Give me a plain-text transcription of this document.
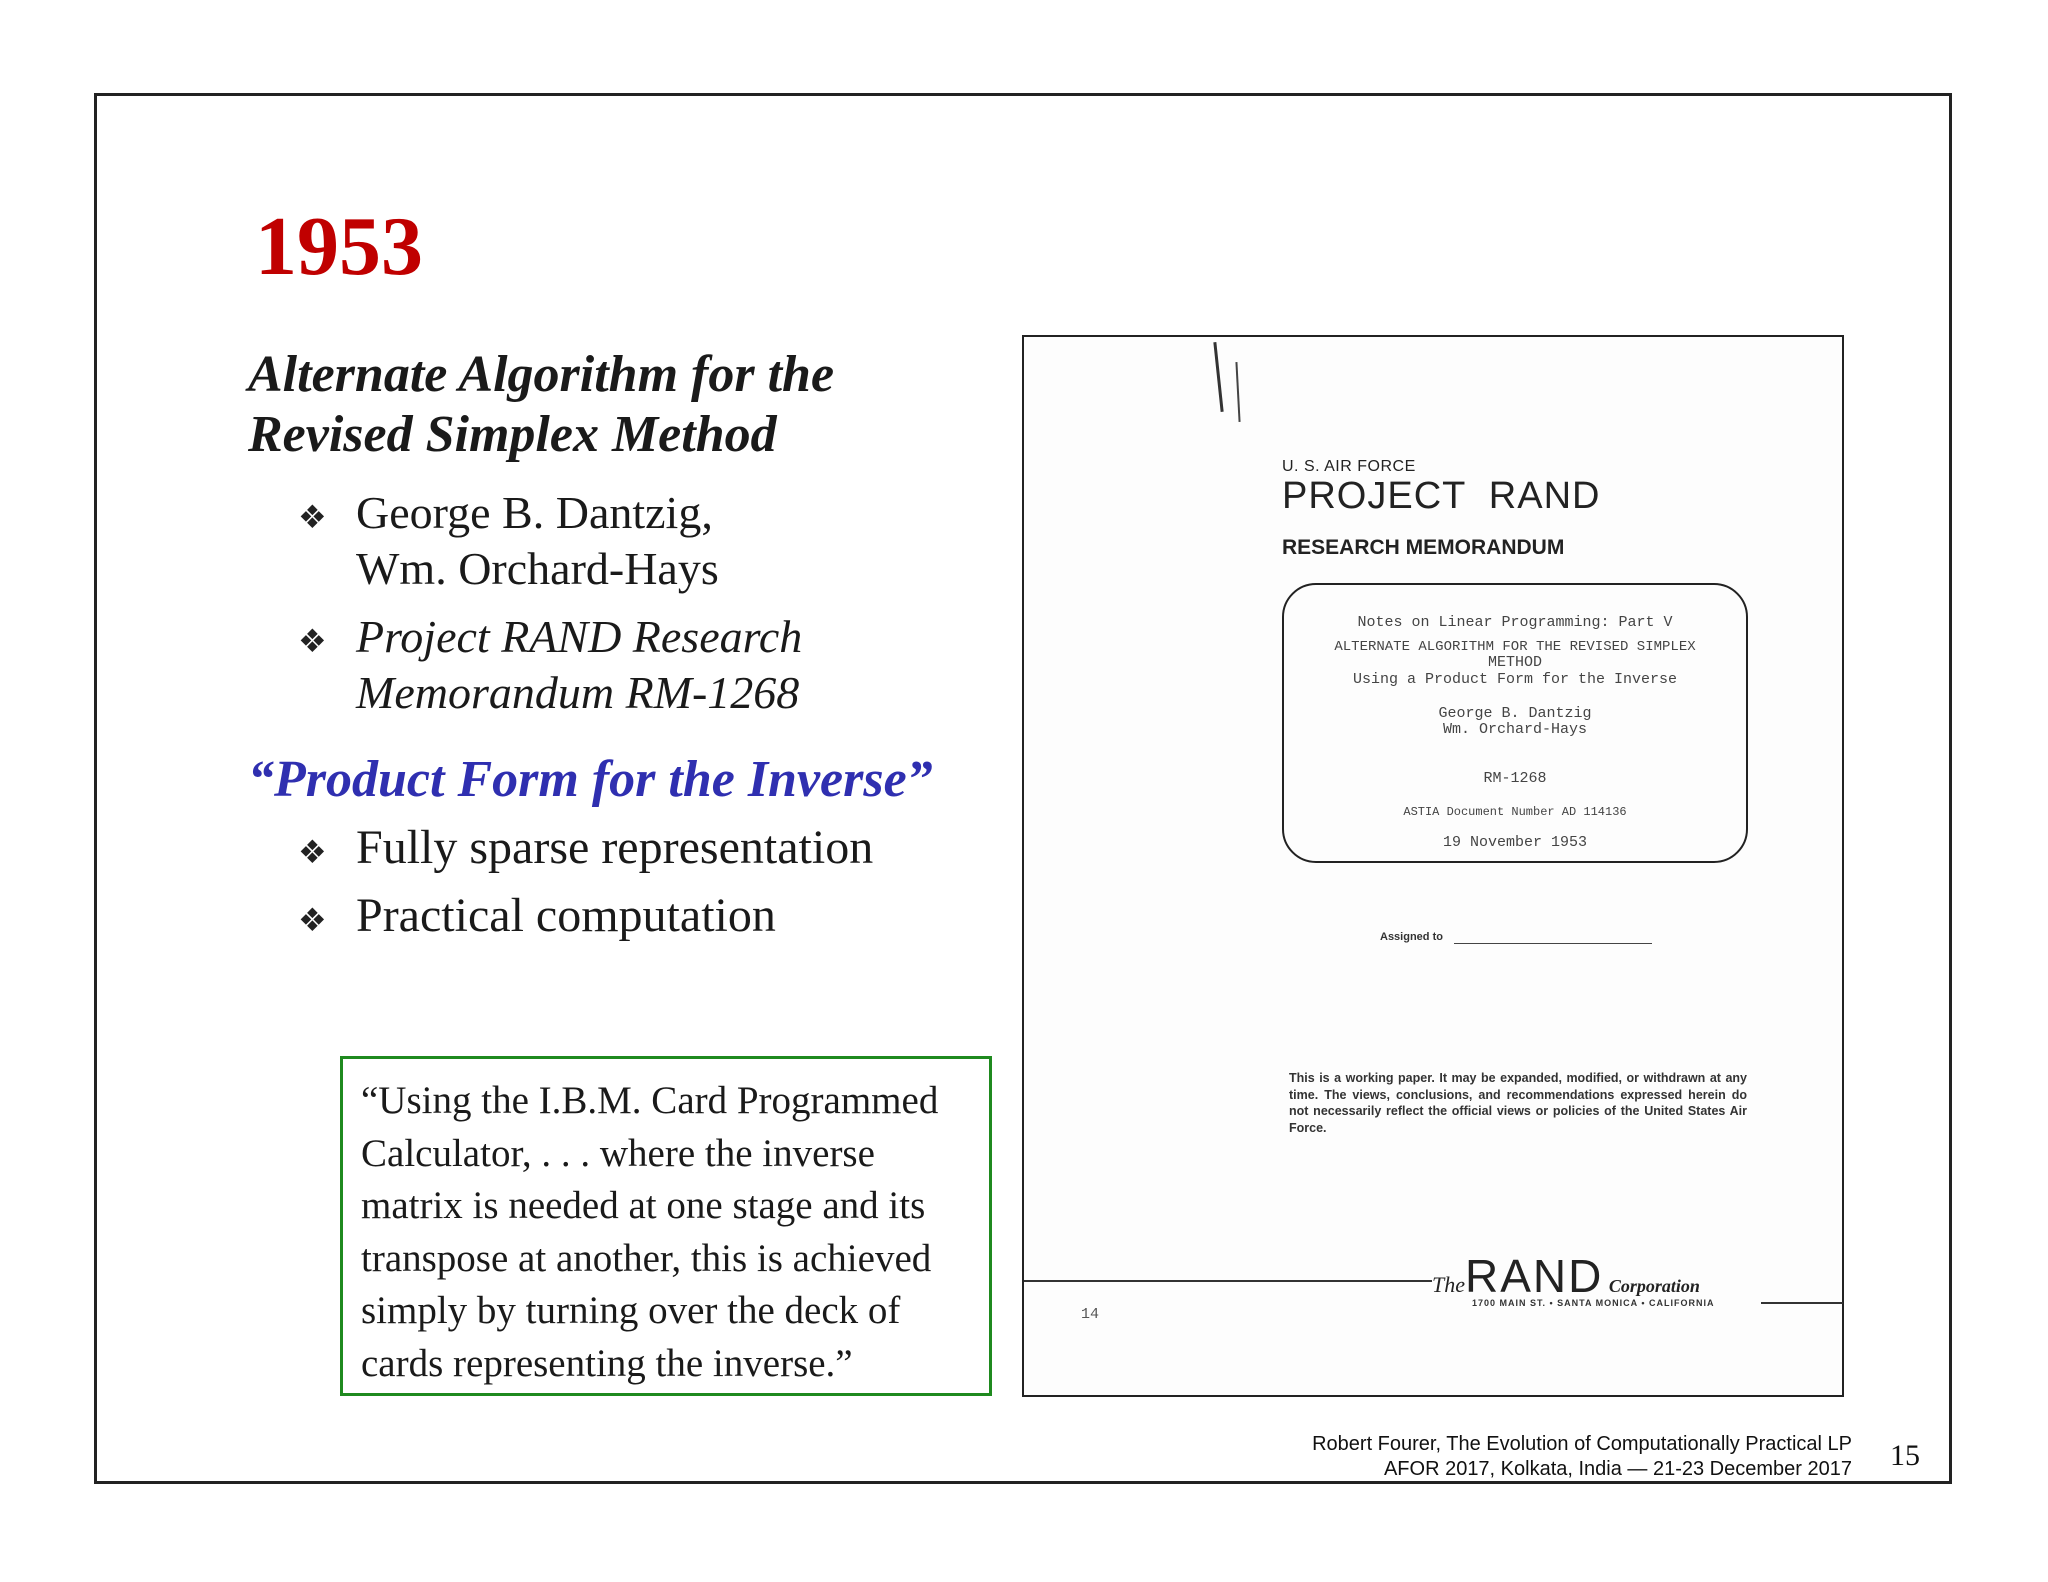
1953
Alternate Algorithm for the
Revised Simplex Method
❖ George B. Dantzig,
Wm. Orchard-Hays
❖ Project RAND Research
Memorandum RM-1268
“Product Form for the Inverse”
❖ Fully sparse representation
❖ Practical computation
“Using the I.B.M. Card Programmed Calculator, . . . where the inverse matrix is needed at one stage and its transpose at another, this is achieved simply by turning over the deck of cards representing the inverse.”
U. S. AIR FORCE
PROJECT  RAND
RESEARCH MEMORANDUM
Notes on Linear Programming: Part V
ALTERNATE ALGORITHM FOR THE REVISED SIMPLEX
METHOD
Using a Product Form for the Inverse
George B. Dantzig
Wm. Orchard-Hays
RM-1268
ASTIA Document Number AD 114136
19 November 1953
Assigned to
This is a working paper. It may be expanded, modified, or withdrawn at any time. The views, conclusions, and recommendations expressed herein do not necessarily reflect the official views or policies of the United States Air Force.
TheRAND Corporation
1700 MAIN ST. • SANTA MONICA • CALIFORNIA
14
Robert Fourer, The Evolution of Computationally Practical LP
AFOR 2017, Kolkata, India — 21-23 December 2017 15
